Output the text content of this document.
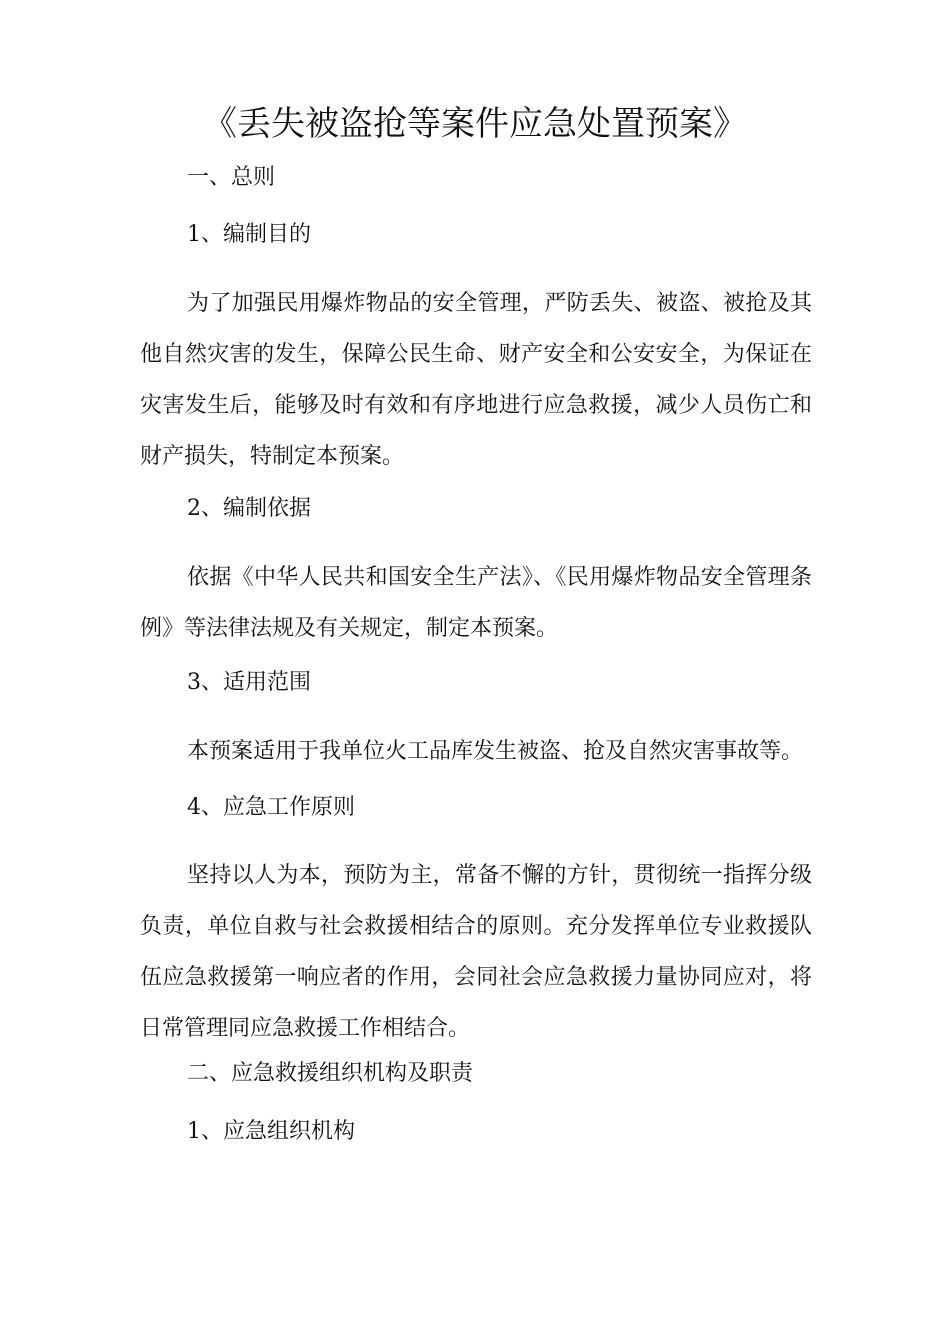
《丢失被盗抢等案件应急处置预案》
一、总则
1、编制目的

为了加强民用爆炸物品的安全管理，严防丢失、被盗、被抢及其他自然灾害的发生，保障公民生命、财产安全和公安安全，为保证在灾害发生后，能够及时有效和有序地进行应急救援，减少人员伤亡和财产损失，特制定本预案。

2、编制依据

依据《中华人民共和国安全生产法》、《民用爆炸物品安全管理条例》等法律法规及有关规定，制定本预案。

3、适用范围

本预案适用于我单位火工品库发生被盗、抢及自然灾害事故等。

4、应急工作原则

坚持以人为本，预防为主，常备不懈的方针，贯彻统一指挥分级负责，单位自救与社会救援相结合的原则。充分发挥单位专业救援队伍应急救援第一响应者的作用，会同社会应急救援力量协同应对，将日常管理同应急救援工作相结合。

二、应急救援组织机构及职责
1、应急组织机构
